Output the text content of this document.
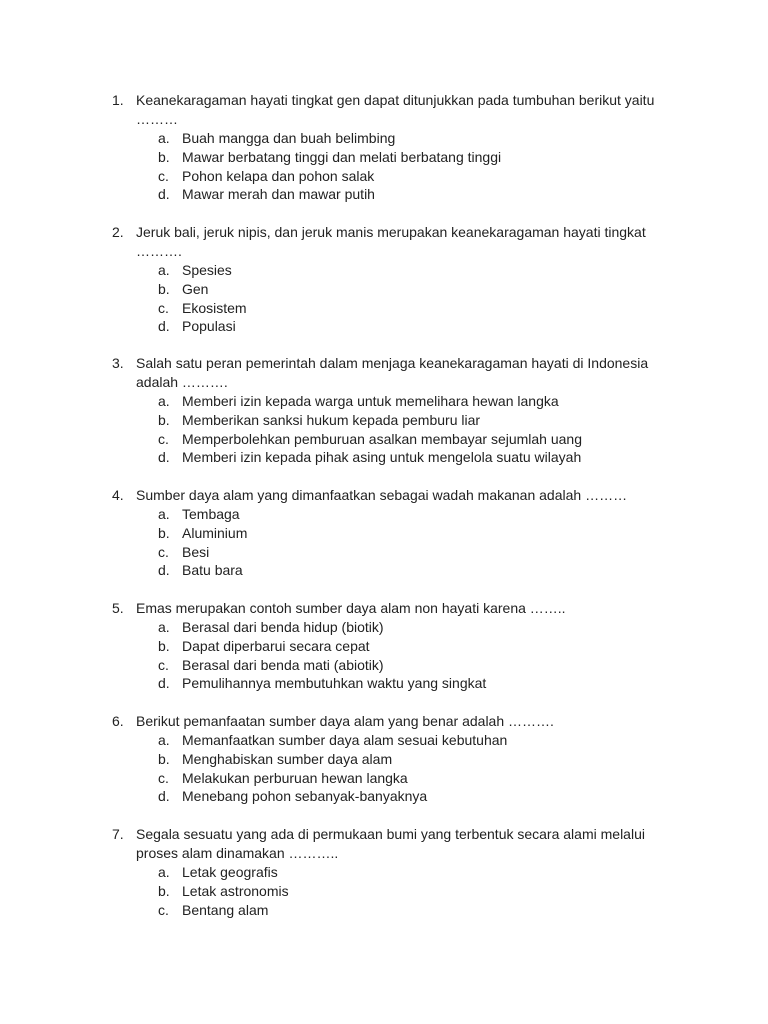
1. Keanekaragaman hayati tingkat gen dapat ditunjukkan pada tumbuhan berikut yaitu ………
a. Buah mangga dan buah belimbing
b. Mawar berbatang tinggi dan melati berbatang tinggi
c. Pohon kelapa dan pohon salak
d. Mawar merah dan mawar putih
2. Jeruk bali, jeruk nipis, dan jeruk manis merupakan keanekaragaman hayati tingkat ……….
a. Spesies
b. Gen
c. Ekosistem
d. Populasi
3. Salah satu peran pemerintah dalam menjaga keanekaragaman hayati di Indonesia adalah ……….
a. Memberi izin kepada warga untuk memelihara hewan langka
b. Memberikan sanksi hukum kepada pemburu liar
c. Memperbolehkan pemburuan asalkan membayar sejumlah uang
d. Memberi izin kepada pihak asing untuk mengelola suatu wilayah
4. Sumber daya alam yang dimanfaatkan sebagai wadah makanan adalah ………
a. Tembaga
b. Aluminium
c. Besi
d. Batu bara
5. Emas merupakan contoh sumber daya alam non hayati karena ……..
a. Berasal dari benda hidup (biotik)
b. Dapat diperbarui secara cepat
c. Berasal dari benda mati (abiotik)
d. Pemulihannya membutuhkan waktu yang singkat
6. Berikut pemanfaatan sumber daya alam yang benar adalah ……….
a. Memanfaatkan sumber daya alam sesuai kebutuhan
b. Menghabiskan sumber daya alam
c. Melakukan perburuan hewan langka
d. Menebang pohon sebanyak-banyaknya
7. Segala sesuatu yang ada di permukaan bumi yang terbentuk secara alami melalui proses alam dinamakan ………..
a. Letak geografis
b. Letak astronomis
c. Bentang alam
